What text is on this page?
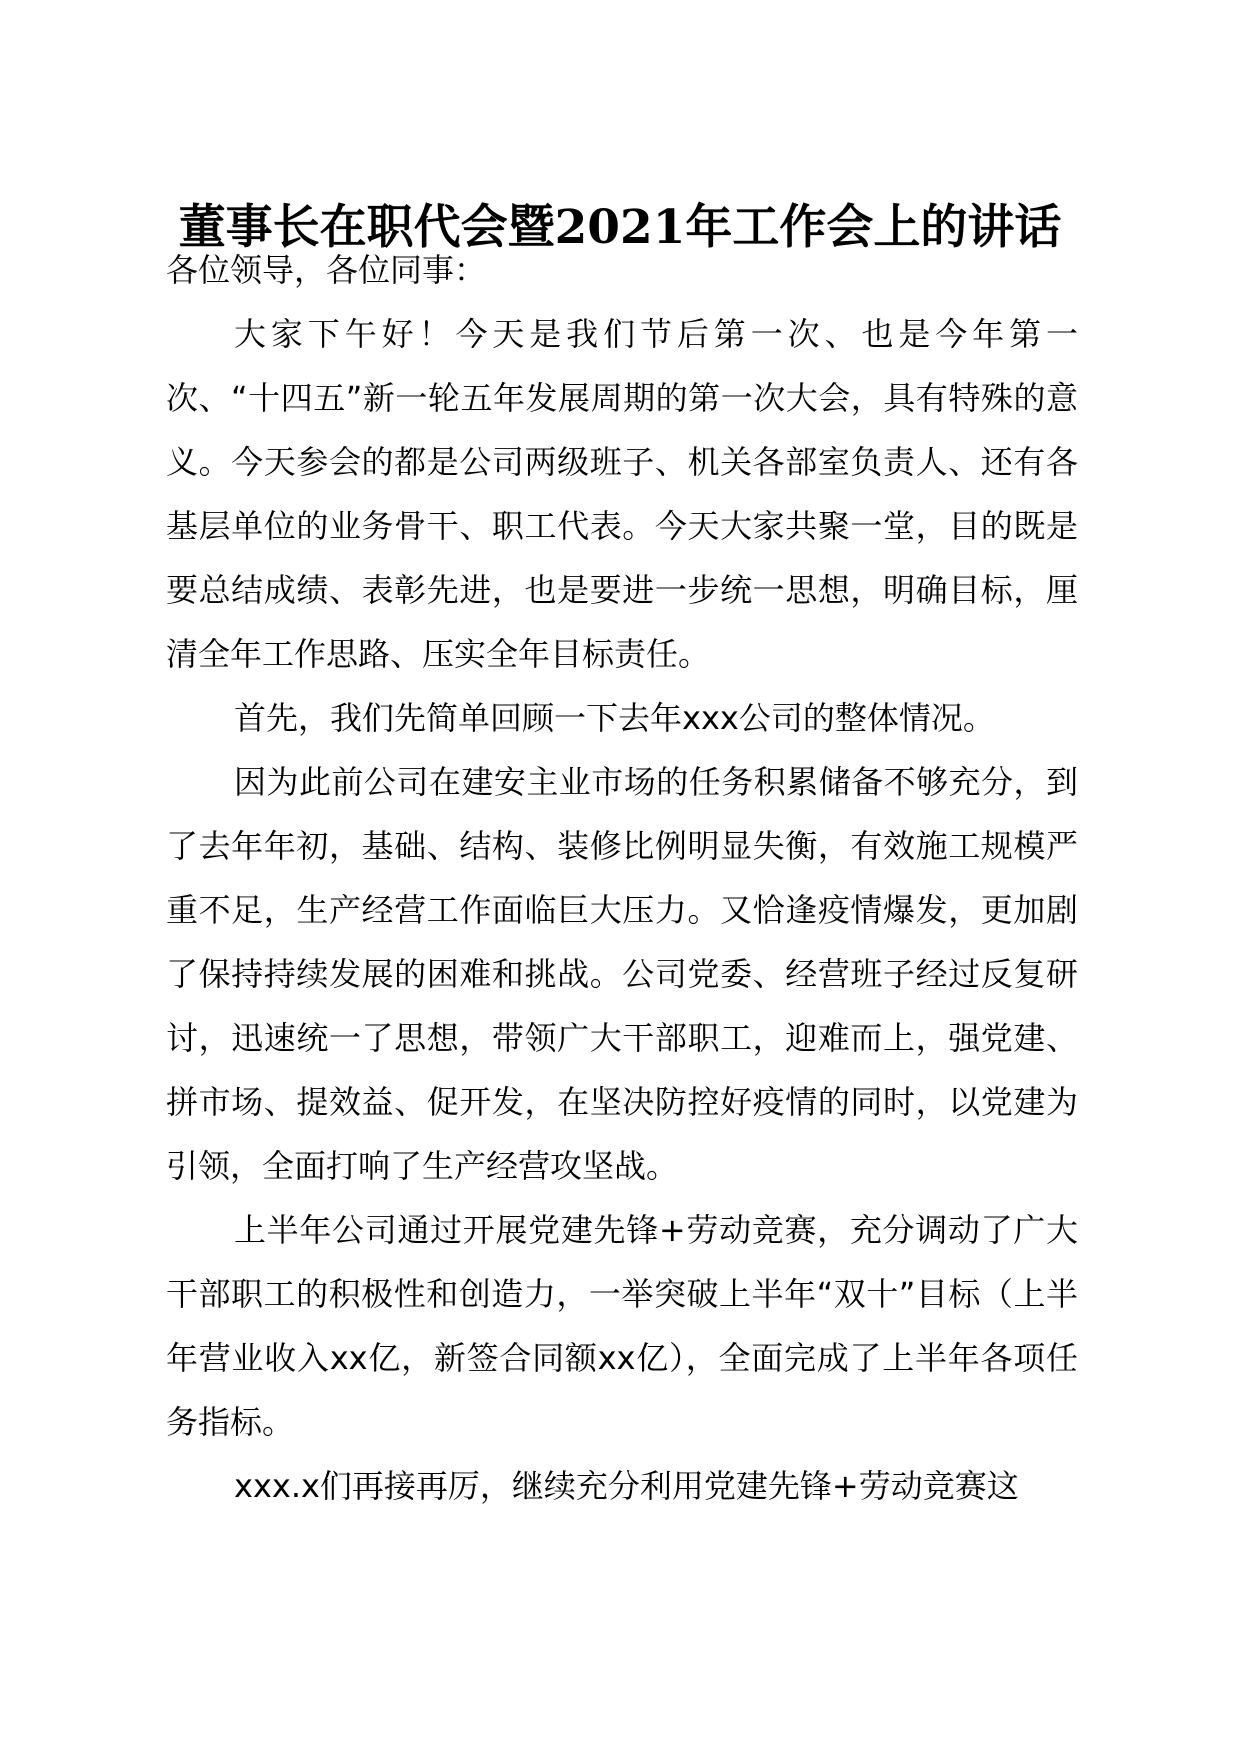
董事长在职代会暨2021年工作会上的讲话

各位领导，各位同事：

大家下午好！今天是我们节后第一次、也是今年第一次、“十四五”新一轮五年发展周期的第一次大会，具有特殊的意义。今天参会的都是公司两级班子、机关各部室负责人、还有各基层单位的业务骨干、职工代表。今天大家共聚一堂，目的既是要总结成绩、表彰先进，也是要进一步统一思想，明确目标，厘清全年工作思路、压实全年目标责任。

首先，我们先简单回顾一下去年xxx公司的整体情况。

因为此前公司在建安主业市场的任务积累储备不够充分，到了去年年初，基础、结构、装修比例明显失衡，有效施工规模严重不足，生产经营工作面临巨大压力。又恰逢疫情爆发，更加剧了保持持续发展的困难和挑战。公司党委、经营班子经过反复研讨，迅速统一了思想，带领广大干部职工，迎难而上，强党建、拼市场、提效益、促开发，在坚决防控好疫情的同时，以党建为引领，全面打响了生产经营攻坚战。

上半年公司通过开展党建先锋+劳动竞赛，充分调动了广大干部职工的积极性和创造力，一举突破上半年“双十”目标（上半年营业收入xx亿，新签合同额xx亿），全面完成了上半年各项任务指标。

xxx.x们再接再厉，继续充分利用党建先锋+劳动竞赛这
